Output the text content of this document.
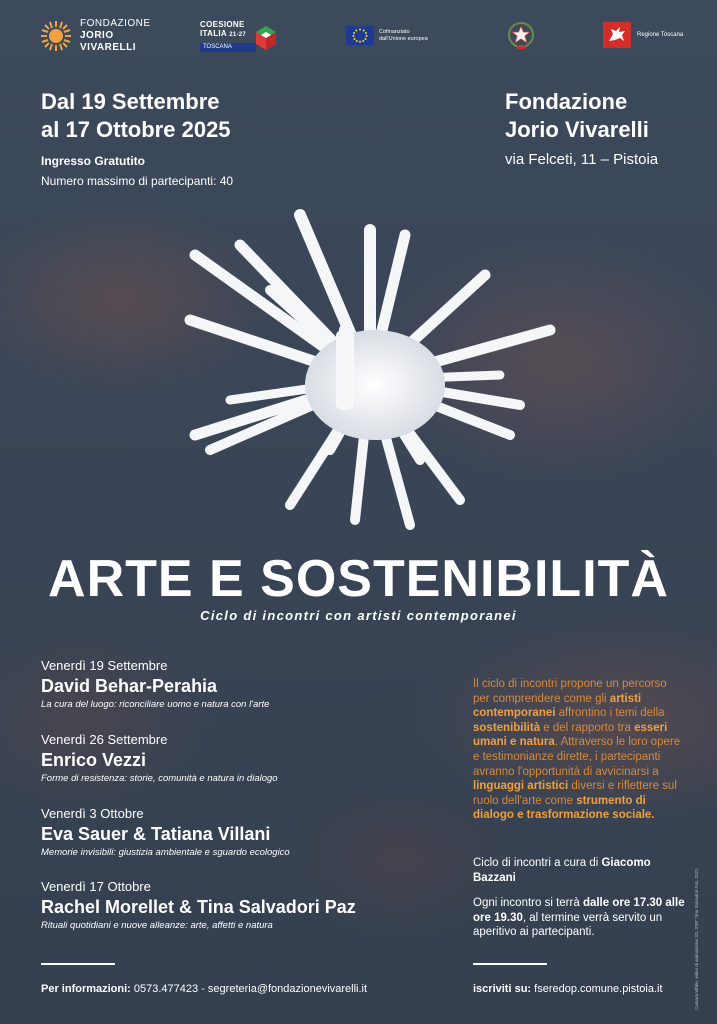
FONDAZIONE
JORIO
VIVARELLI
COESIONE
ITALIA 21-27
TOSCANA
Cofinanziato
dall'Unione europea
Regione Toscana
Dal 19 Settembre
al 17 Ottobre 2025
Ingresso Gratutito
Numero massimo di partecipanti: 40
Fondazione
Jorio Vivarelli
via Felceti, 11 – Pistoia
ARTE E SOSTENIBILITÀ
Ciclo di incontri con artisti contemporanei
Venerdì 19 Settembre
David Behar-Perahia
La cura del luogo: riconciliare uomo e natura con l'arte
Venerdì 26 Settembre
Enrico Vezzi
Forme di resistenza: storie, comunità e natura in dialogo
Venerdì 3 Ottobre
Eva Sauer & Tatiana Villani
Memorie invisibili: giustizia ambientale e sguardo ecologico
Venerdì 17 Ottobre
Rachel Morellet & Tina Salvadori Paz
Rituali quotidiani e nuove alleanze: arte, affetti e natura
Il ciclo di incontri propone un percorso per comprendere come gli artisti contemporanei affrontino i temi della sostenibilità e del rapporto tra esseri umani e natura. Attraverso le loro opere e testimonianze dirette, i partecipanti avranno l'opportunità di avvicinarsi a linguaggi artistici diversi e riflettere sul ruolo dell'arte come strumento di dialogo e trasformazione sociale.
Ciclo di incontri a cura di Giacomo Bazzani
Ogni incontro si terrà dalle ore 17.30 alle ore 19.30, al termine verrà servito un aperitivo ai partecipanti.
Per informazioni: 0573.477423 - segreteria@fondazionevivarelli.it	iscriviti su: fseredop.comune.pistoia.it	Camara White, video di animazione 3D, 3'09" Tina Salvadori Paz, 2021
